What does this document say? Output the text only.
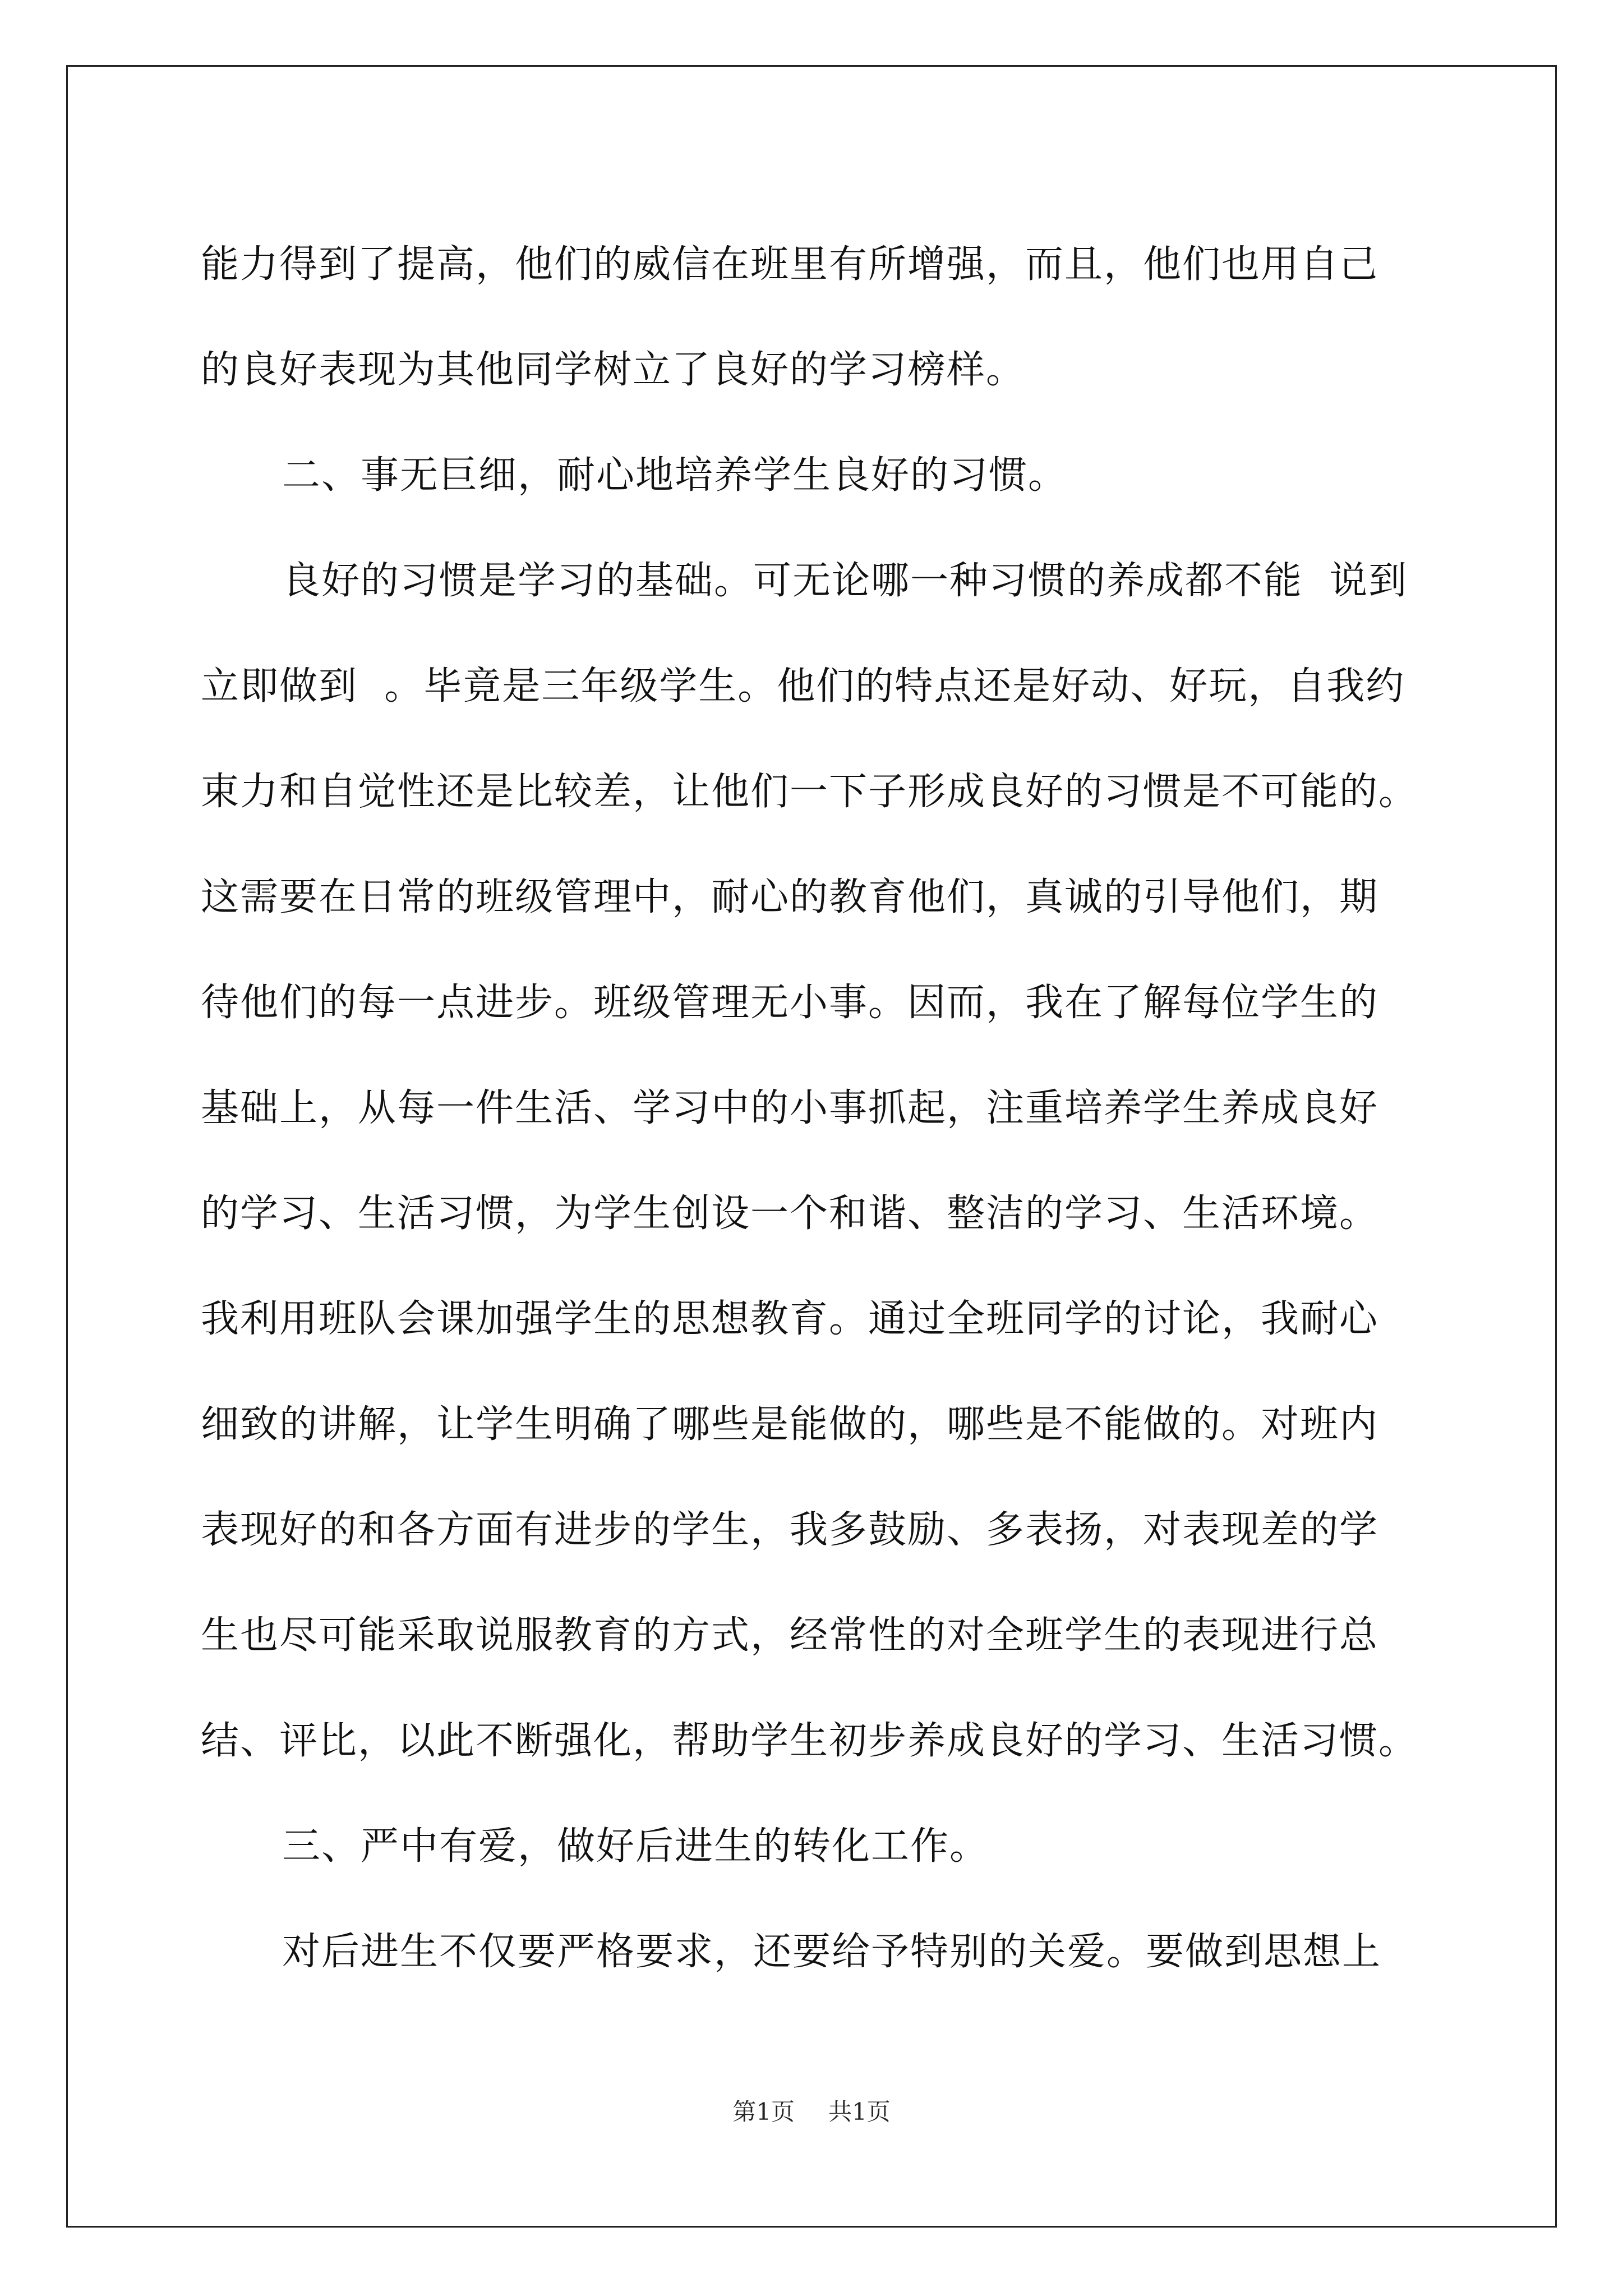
能力得到了提高，他们的威信在班里有所增强，而且，他们也用自己
的良好表现为其他同学树立了良好的学习榜样。
二、事无巨细，耐心地培养学生良好的习惯。
良好的习惯是学习的基础。可无论哪一种习惯的养成都不能  说到
立即做到  。毕竟是三年级学生。他们的特点还是好动、好玩，自我约
束力和自觉性还是比较差，让他们一下子形成良好的习惯是不可能的。
这需要在日常的班级管理中，耐心的教育他们，真诚的引导他们，期
待他们的每一点进步。班级管理无小事。因而，我在了解每位学生的
基础上，从每一件生活、学习中的小事抓起，注重培养学生养成良好
的学习、生活习惯，为学生创设一个和谐、整洁的学习、生活环境。
我利用班队会课加强学生的思想教育。通过全班同学的讨论，我耐心
细致的讲解，让学生明确了哪些是能做的，哪些是不能做的。对班内
表现好的和各方面有进步的学生，我多鼓励、多表扬，对表现差的学
生也尽可能采取说服教育的方式，经常性的对全班学生的表现进行总
结、评比，以此不断强化，帮助学生初步养成良好的学习、生活习惯。
三、严中有爱，做好后进生的转化工作。
对后进生不仅要严格要求，还要给予特别的关爱。要做到思想上
第1页 共1页
